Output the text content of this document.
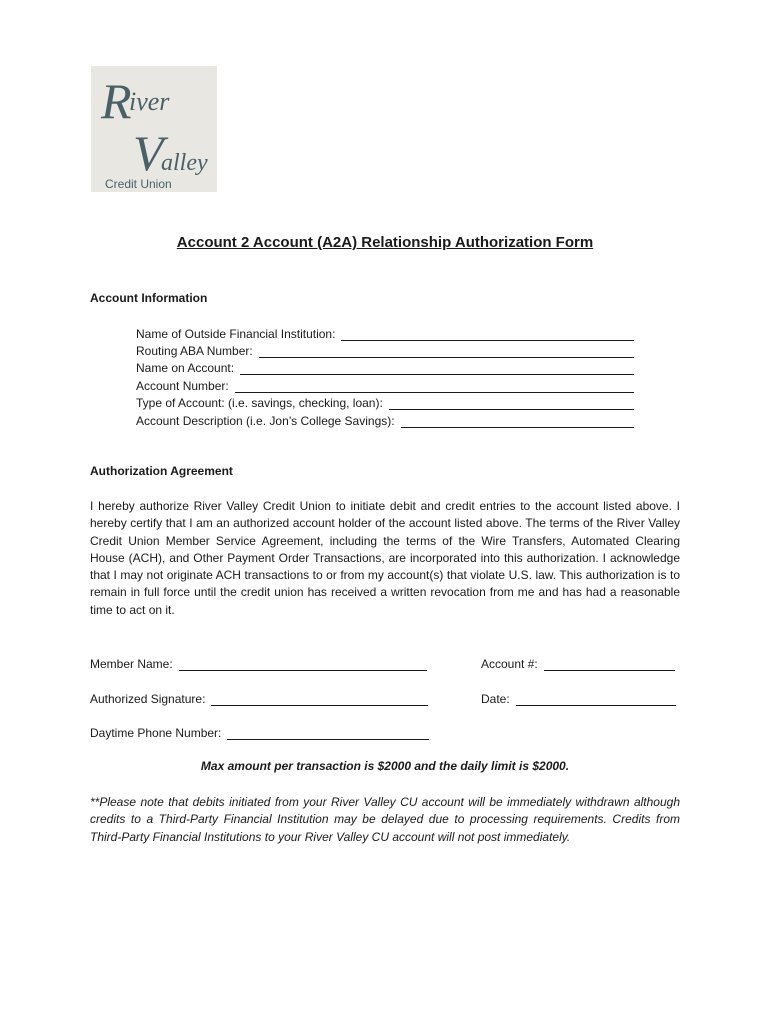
R
iver
V
alley
Credit Union
Account 2 Account (A2A) Relationship Authorization Form
Account Information
Name of Outside Financial Institution:
Routing ABA Number:
Name on Account:
Account Number:
Type of Account: (i.e. savings, checking, loan):
Account Description (i.e. Jon’s College Savings):
Authorization Agreement
I hereby authorize River Valley Credit Union to initiate debit and credit entries to the account listed above. I hereby certify that I am an authorized account holder of the account listed above. The terms of the River Valley Credit Union Member Service Agreement, including the terms of the Wire Transfers, Automated Clearing House (ACH), and Other Payment Order Transactions, are incorporated into this authorization. I acknowledge that I may not originate ACH transactions to or from my account(s) that violate U.S. law. This authorization is to remain in full force until the credit union has received a written revocation from me and has had a reasonable time to act on it.
Member Name:	Account #:
Authorized Signature:	Date:
Daytime Phone Number:
Max amount per transaction is $2000 and the daily limit is $2000.
**Please note that debits initiated from your River Valley CU account will be immediately withdrawn although credits to a Third-Party Financial Institution may be delayed due to processing requirements. Credits from Third-Party Financial Institutions to your River Valley CU account will not post immediately.
